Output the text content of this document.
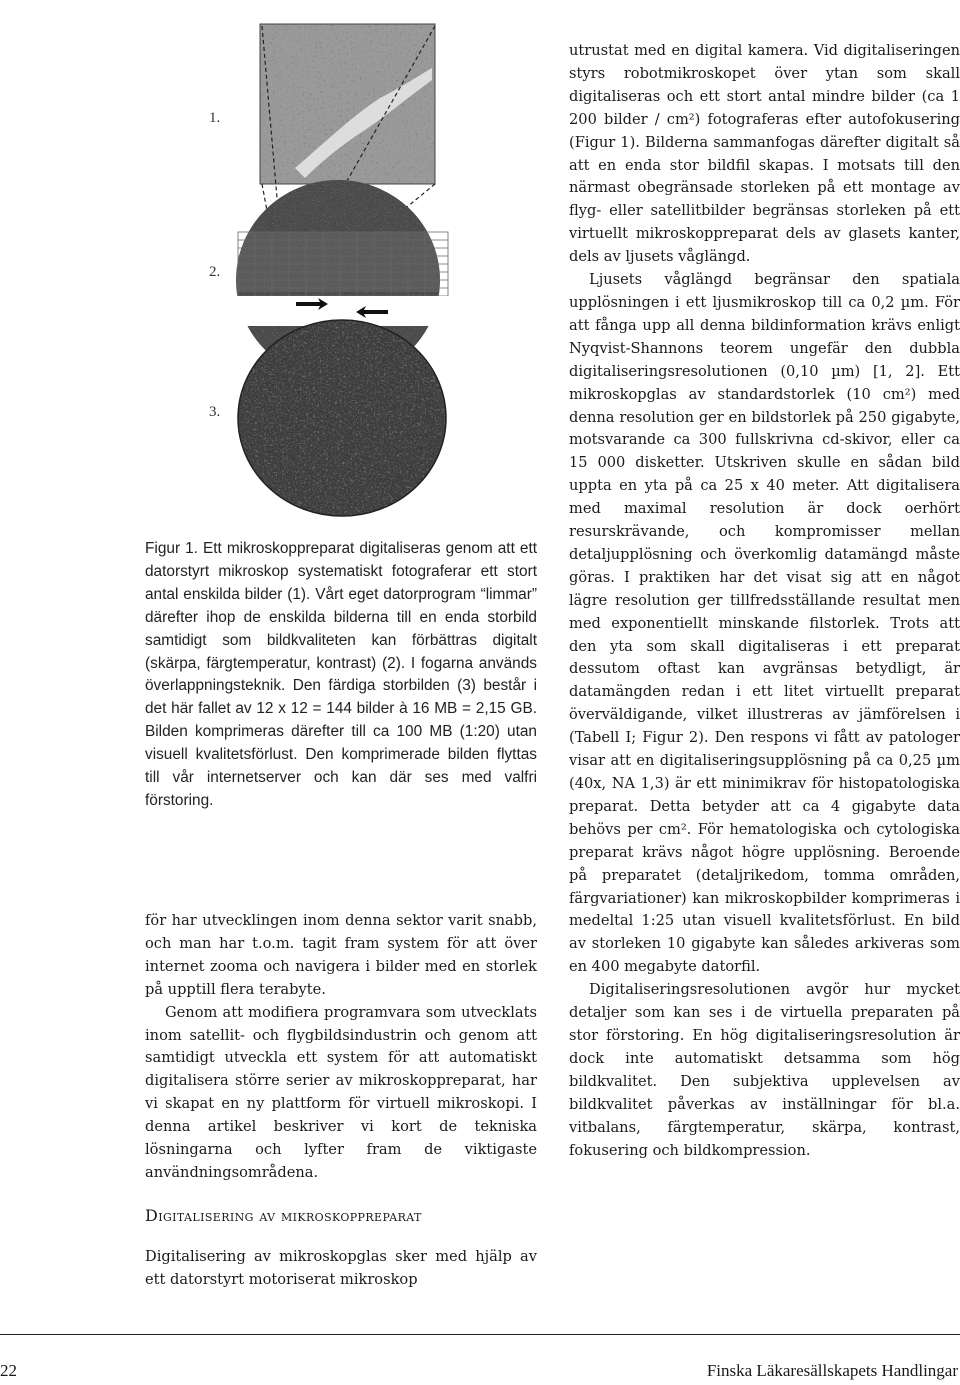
1.
2.
3.
Figur 1. Ett mikroskoppreparat digitaliseras genom att ett datorstyrt mikroskop systematiskt fotograferar ett stort antal enskilda bilder (1). Vårt eget datorprogram “limmar” därefter ihop de enskilda bilderna till en enda storbild samtidigt som bildkvaliteten kan förbättras digitalt (skärpa, färgtemperatur, kontrast) (2). I fogarna används överlappningsteknik. Den färdiga storbilden (3) består i det här fallet av 12 x 12 = 144 bilder à 16 MB = 2,15 GB. Bilden komprimeras därefter till ca 100 MB (1:20) utan visuell kvalitetsförlust. Den komprimerade bilden flyttas till vår internetserver och kan där ses med valfri förstoring.

för har utvecklingen inom denna sektor varit snabb, och man har t.o.m. tagit fram system för att över internet zooma och navigera i bilder med en storlek på upptill flera terabyte.

Genom att modifiera programvara som utvecklats inom satellit- och flygbildsindustrin och genom att samtidigt utveckla ett system för att automatiskt digitalisera större serier av mikroskoppreparat, har vi skapat en ny plattform för virtuell mikroskopi. I denna artikel beskriver vi kort de tekniska lösningarna och lyfter fram de viktigaste användningsområdena.

Digitalisering av mikroskoppreparat

Digitalisering av mikroskopglas sker med hjälp av ett datorstyrt motoriserat mikroskop

utrustat med en digital kamera. Vid digitaliseringen styrs robotmikroskopet över ytan som skall digitaliseras och ett stort antal mindre bilder (ca 1 200 bilder / cm²) fotograferas efter autofokusering (Figur 1). Bilderna sammanfogas därefter digitalt så att en enda stor bildfil skapas. I motsats till den närmast obegränsade storleken på ett montage av flyg- eller satellitbilder begränsas storleken på ett virtuellt mikroskoppreparat dels av glasets kanter, dels av ljusets våglängd.

Ljusets våglängd begränsar den spatiala upplösningen i ett ljusmikroskop till ca 0,2 µm. För att fånga upp all denna bildinformation krävs enligt Nyqvist-Shannons teorem ungefär den dubbla digitaliseringsresolutionen (0,10 µm) [1, 2]. Ett mikroskopglas av standardstorlek (10 cm²) med denna resolution ger en bildstorlek på 250 gigabyte, motsvarande ca 300 fullskrivna cd-skivor, eller ca 15 000 disketter. Utskriven skulle en sådan bild uppta en yta på ca 25 x 40 meter. Att digitalisera med maximal resolution är dock oerhört resurskrävande, och kompromisser mellan detaljupplösning och överkomlig datamängd måste göras. I praktiken har det visat sig att en något lägre resolution ger tillfredsställande resultat men med exponentiellt minskande filstorlek. Trots att den yta som skall digitaliseras i ett preparat dessutom oftast kan avgränsas betydligt, är datamängden redan i ett litet virtuellt preparat överväldigande, vilket illustreras av jämförelsen i (Tabell I; Figur 2). Den respons vi fått av patologer visar att en digitaliseringsupplösning på ca 0,25 µm (40x, NA 1,3) är ett minimikrav för histopatologiska preparat. Detta betyder att ca 4 gigabyte data behövs per cm². För hematologiska och cytologiska preparat krävs något högre upplösning. Beroende på preparatet (detaljrikedom, tomma områden, färgvariationer) kan mikroskopbilder komprimeras i medeltal 1:25 utan visuell kvalitetsförlust. En bild av storleken 10 gigabyte kan således arkiveras som en 400 megabyte datorfil.

Digitaliseringsresolutionen avgör hur mycket detaljer som kan ses i de virtuella preparaten på stor förstoring. En hög digitaliseringsresolution är dock inte automatiskt detsamma som hög bildkvalitet. Den subjektiva upplevelsen av bildkvalitet påverkas av inställningar för bl.a. vitbalans, färgtemperatur, skärpa, kontrast, fokusering och bildkompression.

22	Finska Läkaresällskapets Handlingar
